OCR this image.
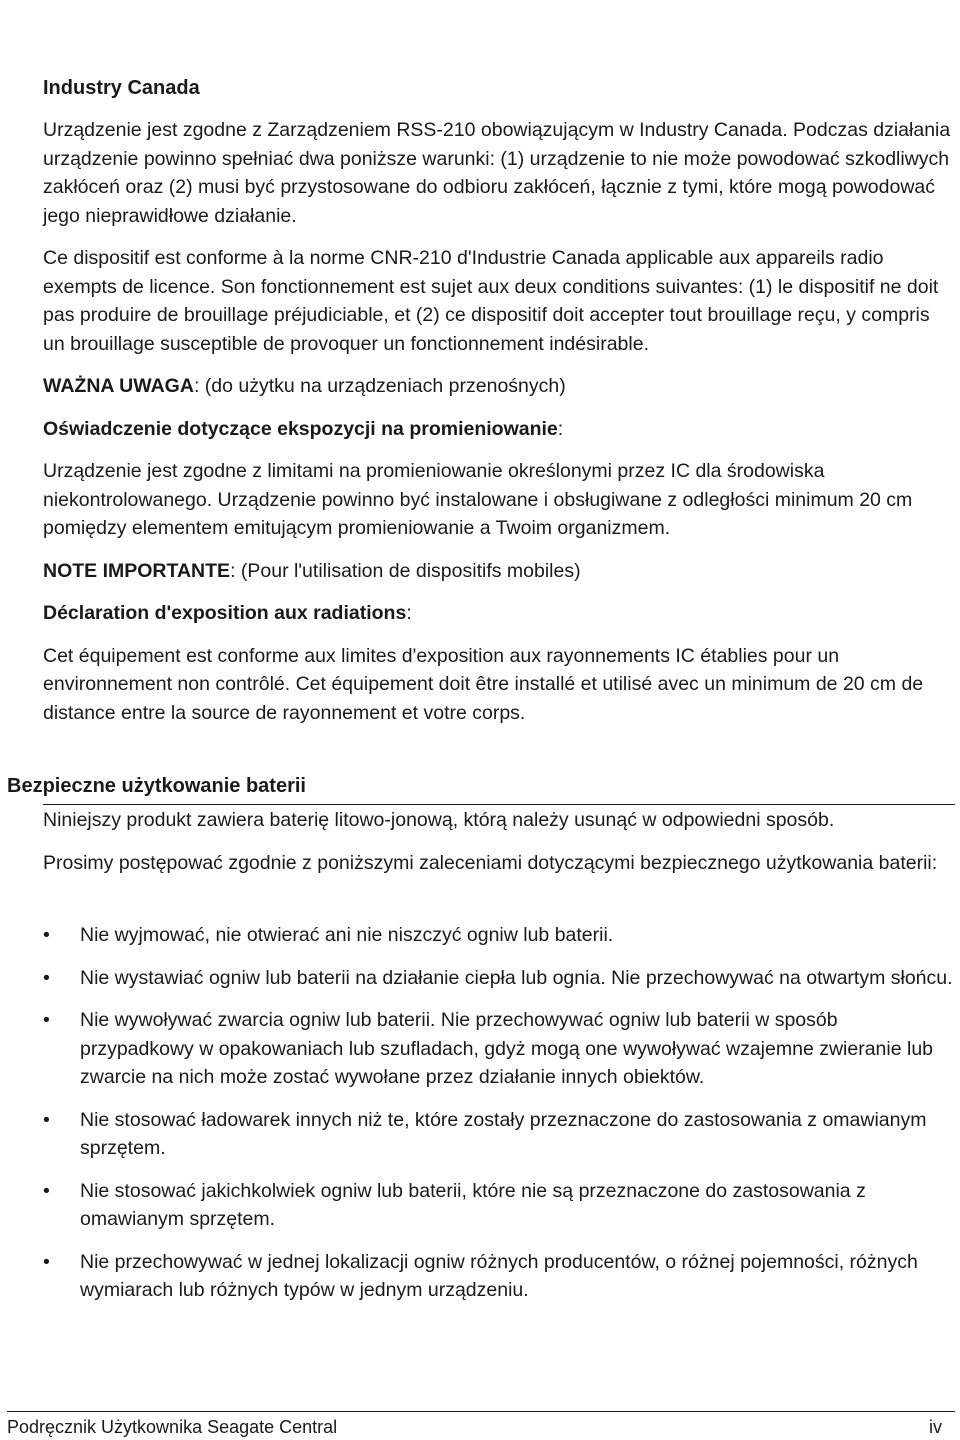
Industry Canada

Urządzenie jest zgodne z Zarządzeniem RSS-210 obowiązującym w Industry Canada. Podczas działania urządzenie powinno spełniać dwa poniższe warunki: (1) urządzenie to nie może powodować szkodliwych zakłóceń oraz (2) musi być przystosowane do odbioru zakłóceń, łącznie z tymi, które mogą powodować jego nieprawidłowe działanie.

Ce dispositif est conforme à la norme CNR-210 d'Industrie Canada applicable aux appareils radio exempts de licence. Son fonctionnement est sujet aux deux conditions suivantes: (1) le dispositif ne doit pas produire de brouillage préjudiciable, et (2) ce dispositif doit accepter tout brouillage reçu, y compris un brouillage susceptible de provoquer un fonctionnement indésirable.

WAŻNA UWAGA: (do użytku na urządzeniach przenośnych)

Oświadczenie dotyczące ekspozycji na promieniowanie:

Urządzenie jest zgodne z limitami na promieniowanie określonymi przez IC dla środowiska niekontrolowanego. Urządzenie powinno być instalowane i obsługiwane z odległości minimum 20 cm pomiędzy elementem emitującym promieniowanie a Twoim organizmem.

NOTE IMPORTANTE: (Pour l'utilisation de dispositifs mobiles)

Déclaration d'exposition aux radiations:

Cet équipement est conforme aux limites d'exposition aux rayonnements IC établies pour un environnement non contrôlé. Cet équipement doit être installé et utilisé avec un minimum de 20 cm de distance entre la source de rayonnement et votre corps.

Bezpieczne użytkowanie baterii

Niniejszy produkt zawiera baterię litowo-jonową, którą należy usunąć w odpowiedni sposób.

Prosimy postępować zgodnie z poniższymi zaleceniami dotyczącymi bezpiecznego użytkowania baterii:

• Nie wyjmować, nie otwierać ani nie niszczyć ogniw lub baterii.
• Nie wystawiać ogniw lub baterii na działanie ciepła lub ognia. Nie przechowywać na otwartym słońcu.
• Nie wywoływać zwarcia ogniw lub baterii. Nie przechowywać ogniw lub baterii w sposób przypadkowy w opakowaniach lub szufladach, gdyż mogą one wywoływać wzajemne zwieranie lub zwarcie na nich może zostać wywołane przez działanie innych obiektów.
• Nie stosować ładowarek innych niż te, które zostały przeznaczone do zastosowania z omawianym sprzętem.
• Nie stosować jakichkolwiek ogniw lub baterii, które nie są przeznaczone do zastosowania z omawianym sprzętem.
• Nie przechowywać w jednej lokalizacji ogniw różnych producentów, o różnej pojemności, różnych wymiarach lub różnych typów w jednym urządzeniu.
Podręcznik Użytkownika Seagate Central	iv
